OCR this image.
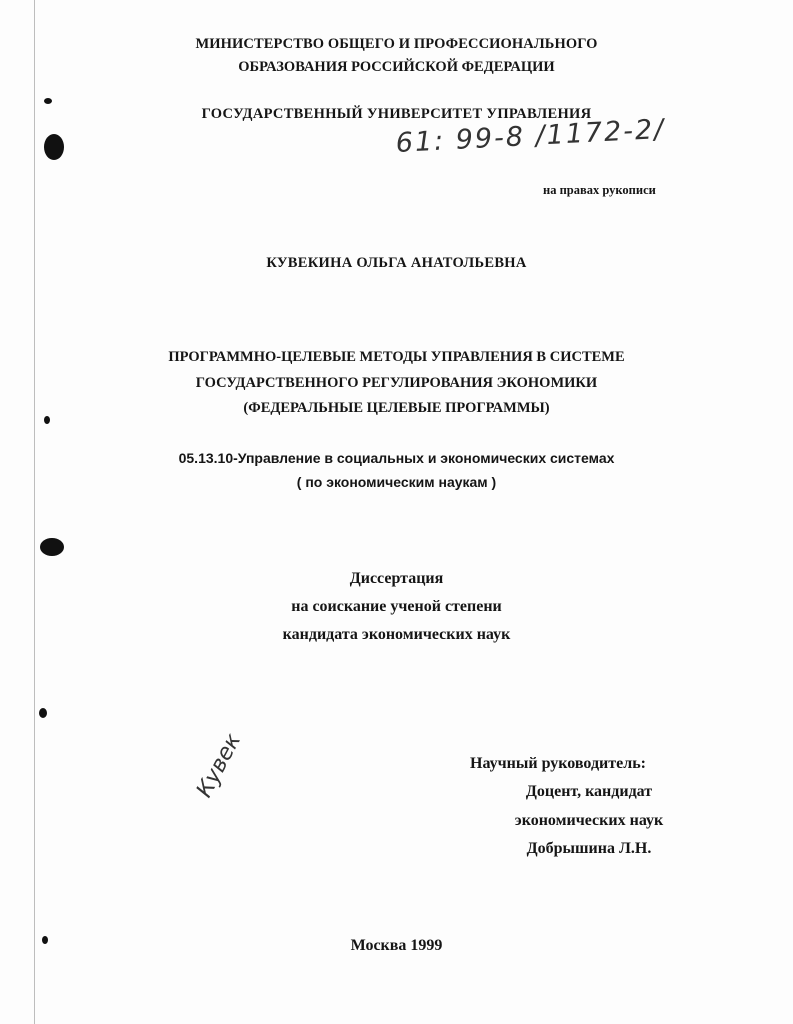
МИНИСТЕРСТВО ОБЩЕГО И ПРОФЕССИОНАЛЬНОГО
ОБРАЗОВАНИЯ РОССИЙСКОЙ ФЕДЕРАЦИИ
ГОСУДАРСТВЕННЫЙ УНИВЕРСИТЕТ УПРАВЛЕНИЯ
61: 99-8 /1172-2/
на правах рукописи
КУВЕКИНА ОЛЬГА АНАТОЛЬЕВНА
ПРОГРАММНО-ЦЕЛЕВЫЕ МЕТОДЫ УПРАВЛЕНИЯ В СИСТЕМЕ
ГОСУДАРСТВЕННОГО РЕГУЛИРОВАНИЯ ЭКОНОМИКИ
(ФЕДЕРАЛЬНЫЕ ЦЕЛЕВЫЕ ПРОГРАММЫ)
05.13.10-Управление в социальных и экономических системах
( по экономическим наукам )
Диссертация
на соискание ученой степени
кандидата экономических наук
Научный руководитель:
Доцент, кандидат
экономических наук
Добрышина Л.Н.
Кувек
Москва 1999
